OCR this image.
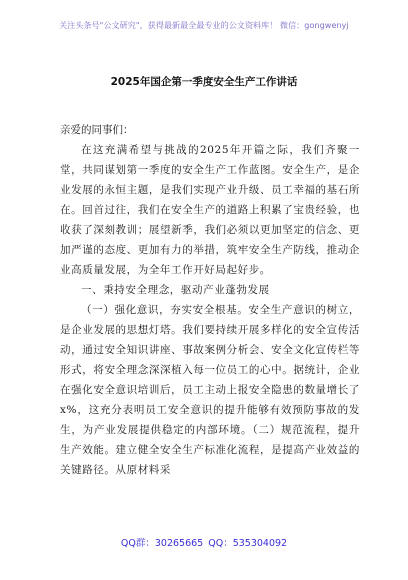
关注头条号"公文研究"，获得最新最全最专业的公文资料库！ 微信：gongwenyj
2025年国企第一季度安全生产工作讲话
亲爱的同事们：

在这充满希望与挑战的2025年开篇之际，我们齐聚一堂，共同谋划第一季度的安全生产工作蓝图。安全生产，是企业发展的永恒主题，是我们实现产业升级、员工幸福的基石所在。回首过往，我们在安全生产的道路上积累了宝贵经验，也收获了深刻教训；展望新季，我们必须以更加坚定的信念、更加严谨的态度、更加有力的举措，筑牢安全生产防线，推动企业高质量发展，为全年工作开好局起好步。

一、秉持安全理念，驱动产业蓬勃发展

（一）强化意识，夯实安全根基。安全生产意识的树立，是企业发展的思想灯塔。我们要持续开展多样化的安全宣传活动，通过安全知识讲座、事故案例分析会、安全文化宣传栏等形式，将安全理念深深植入每一位员工的心中。据统计，企业在强化安全意识培训后，员工主动上报安全隐患的数量增长了x%，这充分表明员工安全意识的提升能够有效预防事故的发生，为产业发展提供稳定的内部环境。（二）规范流程，提升生产效能。建立健全安全生产标准化流程，是提高产业效益的关键路径。从原材料采

QQ群：30265665 QQ：535304092
